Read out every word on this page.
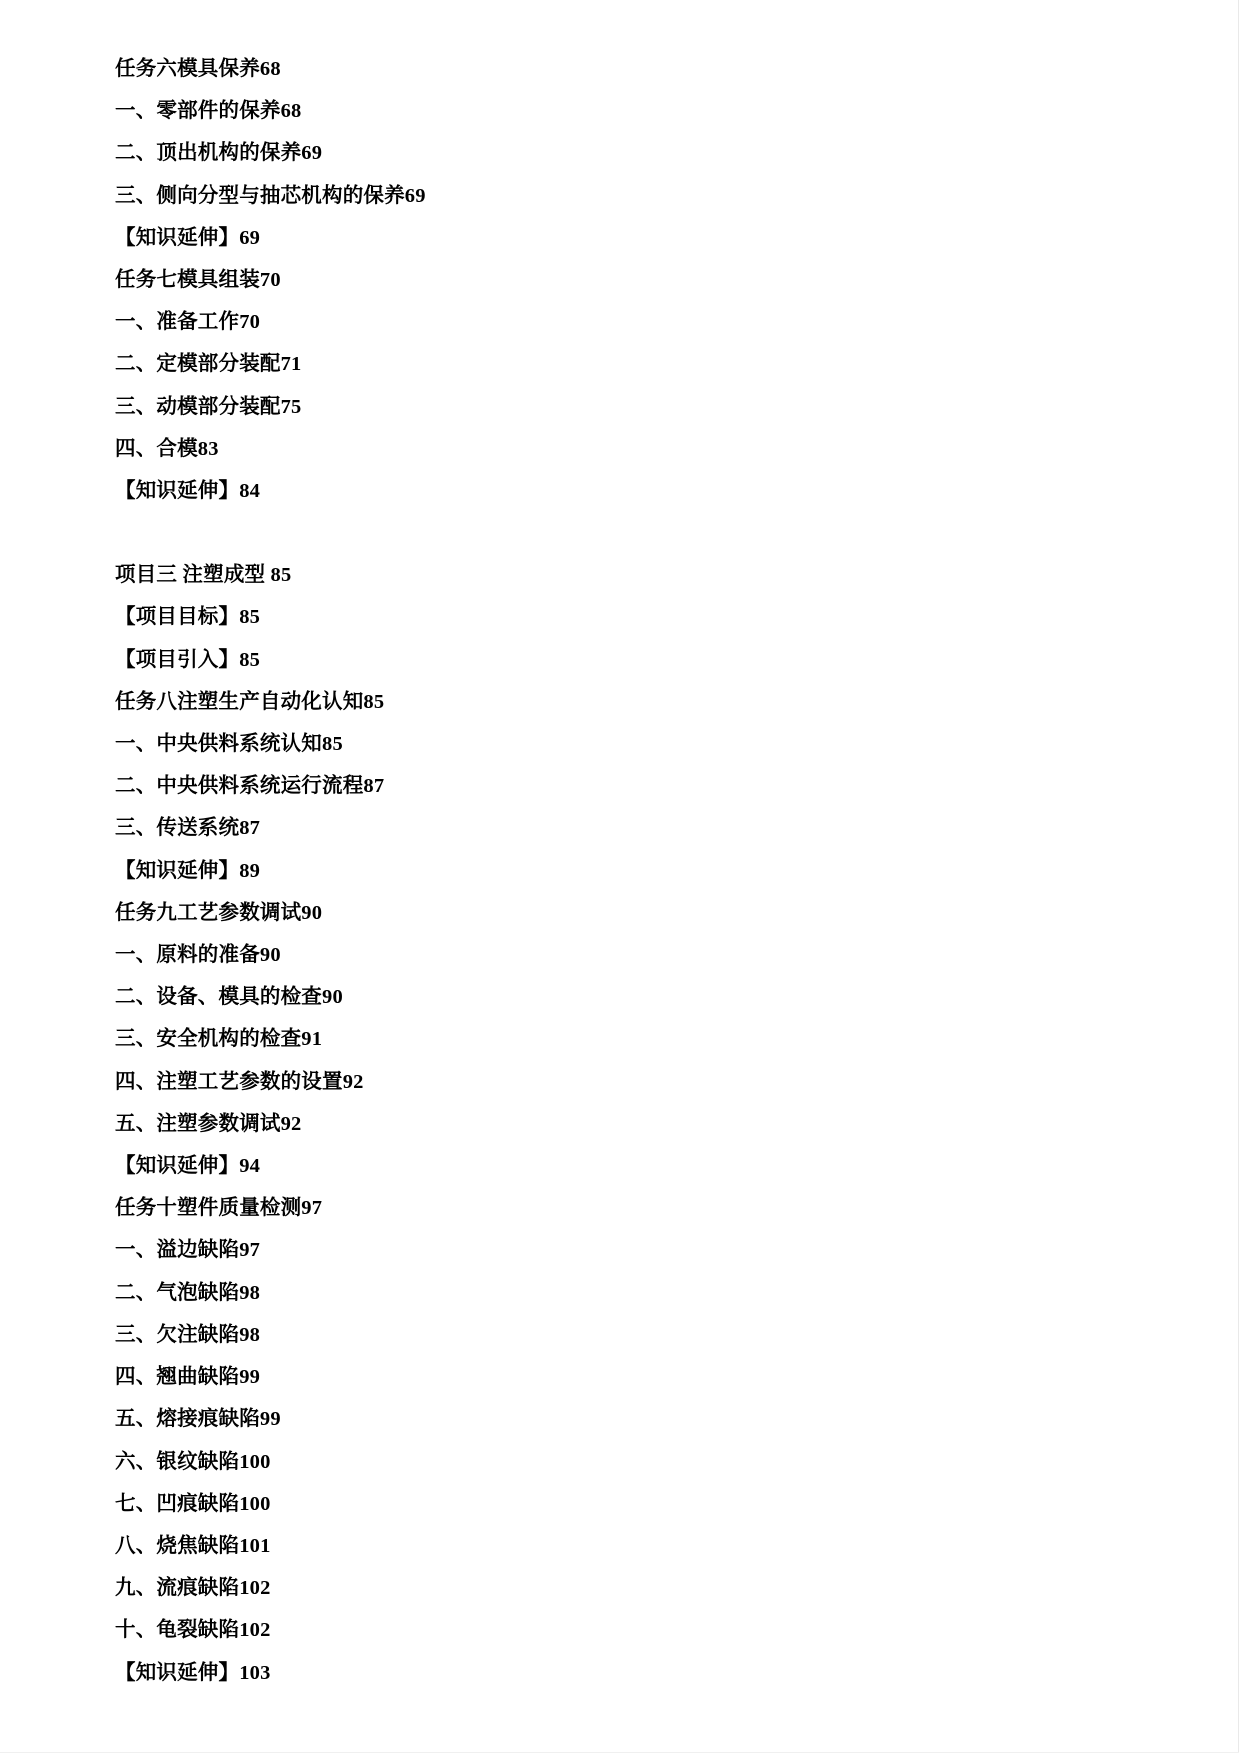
任务六模具保养68
一、零部件的保养68
二、顶出机构的保养69
三、侧向分型与抽芯机构的保养69
【知识延伸】69
任务七模具组装70
一、准备工作70
二、定模部分装配71
三、动模部分装配75
四、合模83
【知识延伸】84
项目三 注塑成型 85
【项目目标】85
【项目引入】85
任务八注塑生产自动化认知85
一、中央供料系统认知85
二、中央供料系统运行流程87
三、传送系统87
【知识延伸】89
任务九工艺参数调试90
一、原料的准备90
二、设备、模具的检查90
三、安全机构的检查91
四、注塑工艺参数的设置92
五、注塑参数调试92
【知识延伸】94
任务十塑件质量检测97
一、溢边缺陷97
二、气泡缺陷98
三、欠注缺陷98
四、翘曲缺陷99
五、熔接痕缺陷99
六、银纹缺陷100
七、凹痕缺陷100
八、烧焦缺陷101
九、流痕缺陷102
十、龟裂缺陷102
【知识延伸】103
